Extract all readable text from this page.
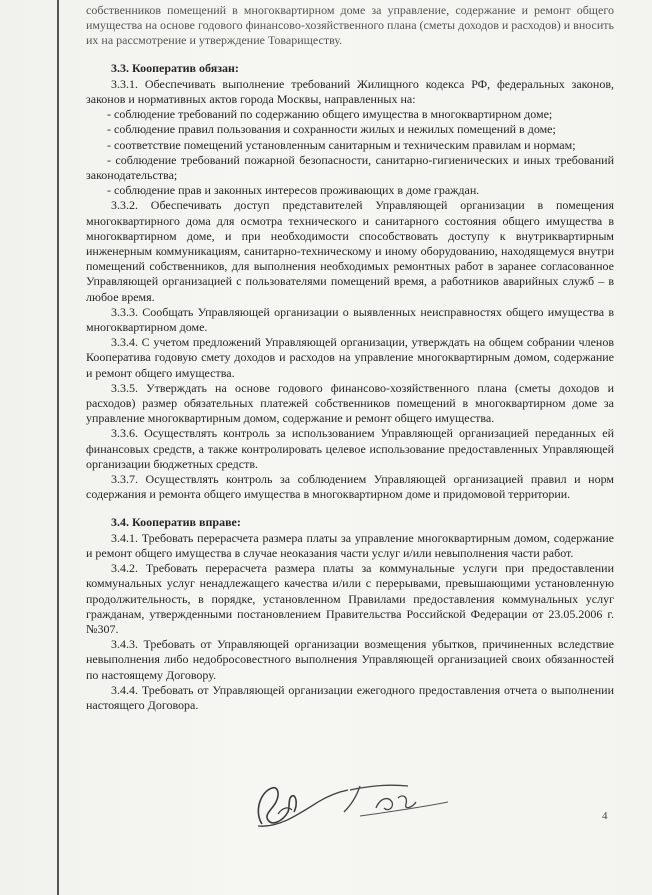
собственников помещений в многоквартирном доме за управление, содержание и ремонт общего имущества на основе годового финансово-хозяйственного плана (сметы доходов и расходов) и вносить их на рассмотрение и утверждение Товариществу.

3.3. Кооператив обязан:

3.3.1. Обеспечивать выполнение требований Жилищного кодекса РФ, федеральных законов, законов и нормативных актов города Москвы, направленных на:

- соблюдение требований по содержанию общего имущества в многоквартирном доме;

- соблюдение правил пользования и сохранности жилых и нежилых помещений в доме;

- соответствие помещений установленным санитарным и техническим правилам и нормам;

- соблюдение требований пожарной безопасности, санитарно-гигиенических и иных требований законодательства;

- соблюдение прав и законных интересов проживающих в доме граждан.

3.3.2. Обеспечивать доступ представителей Управляющей организации в помещения многоквартирного дома для осмотра технического и санитарного состояния общего имущества в многоквартирном доме, и при необходимости способствовать доступу к внутриквартирным инженерным коммуникациям, санитарно-техническому и иному оборудованию, находящемуся внутри помещений собственников, для выполнения необходимых ремонтных работ в заранее согласованное Управляющей организацией с пользователями помещений время, а работников аварийных служб – в любое время.

3.3.3. Сообщать Управляющей организации о выявленных неисправностях общего имущества в многоквартирном доме.

3.3.4. С учетом предложений Управляющей организации, утверждать на общем собрании членов Кооператива годовую смету доходов и расходов на управление многоквартирным домом, содержание и ремонт общего имущества.

3.3.5. Утверждать на основе годового финансово-хозяйственного плана (сметы доходов и расходов) размер обязательных платежей собственников помещений в многоквартирном доме за управление многоквартирным домом, содержание и ремонт общего имущества.

3.3.6. Осуществлять контроль за использованием Управляющей организацией переданных ей финансовых средств, а также контролировать целевое использование предоставленных Управляющей организации бюджетных средств.

3.3.7. Осуществлять контроль за соблюдением Управляющей организацией правил и норм содержания и ремонта общего имущества в многоквартирном доме и придомовой территории.

3.4. Кооператив вправе:

3.4.1. Требовать перерасчета размера платы за управление многоквартирным домом, содержание и ремонт общего имущества в случае неоказания части услуг и/или невыполнения части работ.

3.4.2. Требовать перерасчета размера платы за коммунальные услуги при предоставлении коммунальных услуг ненадлежащего качества и/или с перерывами, превышающими установленную продолжительность, в порядке, установленном Правилами предоставления коммунальных услуг гражданам, утвержденными постановлением Правительства Российской Федерации от 23.05.2006 г. №307.

3.4.3. Требовать от Управляющей организации возмещения убытков, причиненных вследствие невыполнения либо недобросовестного выполнения Управляющей организацией своих обязанностей по настоящему Договору.

3.4.4. Требовать от Управляющей организации ежегодного предоставления отчета о выполнении настоящего Договора.

4
